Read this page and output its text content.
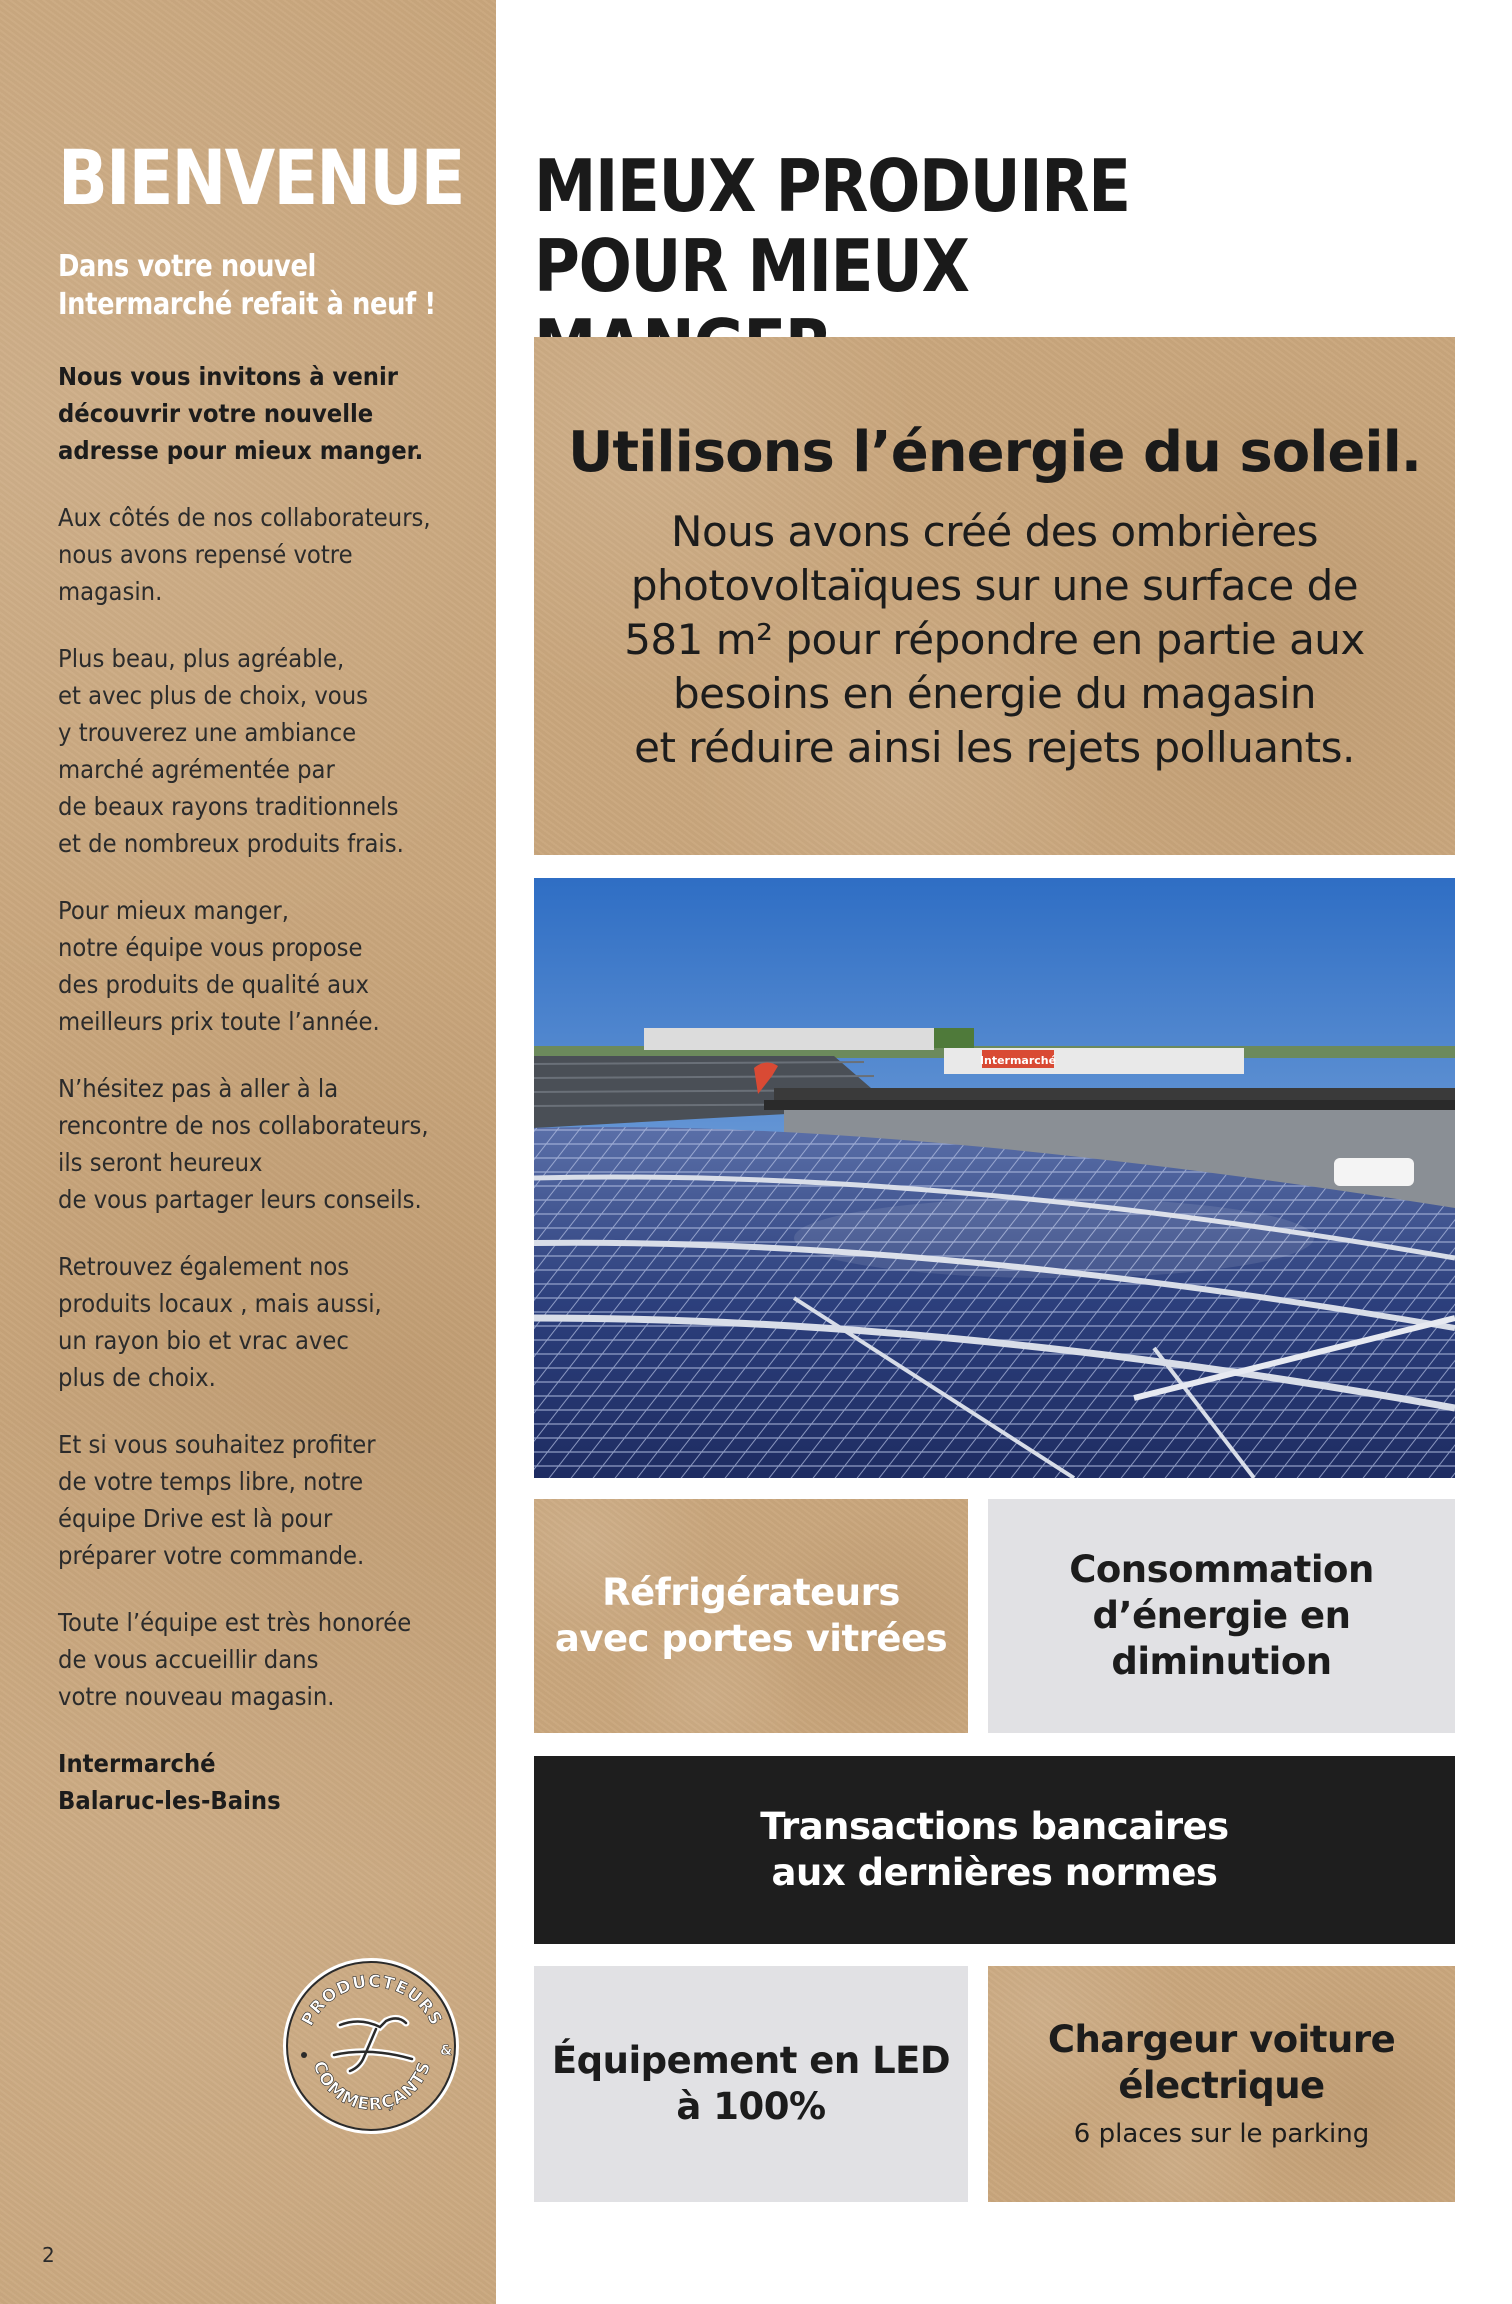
BIENVENUE
Dans votre nouvel
Intermarché refait à neuf !

Nous vous invitons à venir
découvrir votre nouvelle
adresse pour mieux manger.

Aux côtés de nos collaborateurs,
nous avons repensé votre
magasin.

Plus beau, plus agréable,
et avec plus de choix, vous
y trouverez une ambiance
marché agrémentée par
de beaux rayons traditionnels
et de nombreux produits frais.

Pour mieux manger,
notre équipe vous propose
des produits de qualité aux
meilleurs prix toute l’année.

N’hésitez pas à aller à la
rencontre de nos collaborateurs,
ils seront heureux
de vous partager leurs conseils.

Retrouvez également nos
produits locaux , mais aussi,
un rayon bio et vrac avec
plus de choix.

Et si vous souhaitez profiter
de votre temps libre, notre
équipe Drive est là pour
préparer votre commande.

Toute l’équipe est très honorée
de vous accueillir dans
votre nouveau magasin.

Intermarché
Balaruc-les-Bains

PRODUCTEURS
COMMERÇANTS
&
2
MIEUX PRODUIRE
POUR MIEUX
Utilisons l’énergie du soleil.
Nous avons créé des ombrières
photovoltaïques sur une surface de
581 m² pour répondre en partie aux
besoins en énergie du magasin
et réduire ainsi les rejets polluants.
Intermarché
Réfrigérateurs
avec portes vitrées
Consommation
d’énergie en
diminution
Transactions bancaires
aux dernières normes
Équipement en LED
à 100%
Chargeur voiture
électrique
6 places sur le parking
